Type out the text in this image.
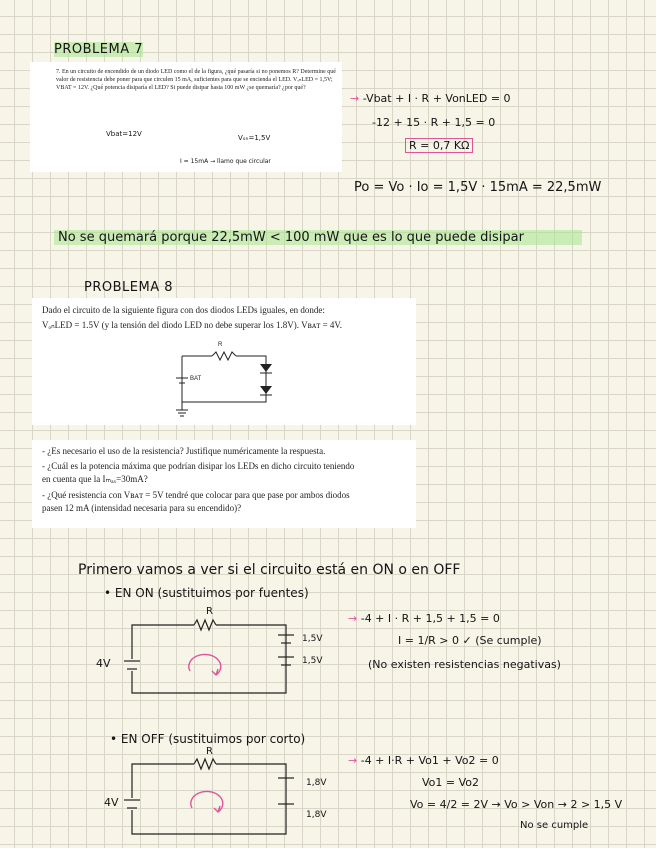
PROBLEMA 7
7. En un circuito de encendido de un diodo LED como el de la figura, ¿qué pasaría si no ponemos R? Determine qué valor de resistencia debe poner para que circulen 15 mA, suficientes para que se encienda el LED. VₒₙLED = 1,5V; VBAT = 12V. ¿Qué potencia disiparía el LED? Si puede disipar hasta 100 mW ¿se quemaría? ¿por qué?
Vbat=12V	Vₒₙ=1,5V
I = 15mA → llamo que circular
→ -Vbat + I · R + VonLED = 0
-12 + 15 · R + 1,5 = 0
R = 0,7 KΩ
Po = Vo · Io = 1,5V · 15mA = 22,5mW
No se quemará porque 22,5mW < 100 mW que es lo que puede disipar
PROBLEMA 8
Dado el circuito de la siguiente figura con dos diodos LEDs iguales, en donde:
VₒₙLED = 1.5V (y la tensión del diodo LED no debe superar los 1.8V). Vʙᴀᴛ = 4V.
R
BAT
- ¿Es necesario el uso de la resistencia? Justifique numéricamente la respuesta.
- ¿Cuál es la potencia máxima que podrían disipar los LEDs en dicho circuito teniendo
en cuenta que la Iₘₐₓ=30mA?
- ¿Qué resistencia con Vʙᴀᴛ = 5V tendré que colocar para que pase por ambos diodos
pasen 12 mA (intensidad necesaria para su encendido)?
Primero vamos a ver si el circuito está en ON o en OFF
• EN ON (sustituimos por fuentes)
4V
R
1,5V
1,5V
→ -4 + I · R + 1,5 + 1,5 = 0
I = 1/R > 0 ✓ (Se cumple)
(No existen resistencias negativas)
• EN OFF (sustituimos por corto)
4V
R
1,8V
1,8V
→ -4 + I·R + Vo1 + Vo2 = 0
Vo1 = Vo2
Vo = 4/2 = 2V → Vo > Von → 2 > 1,5 V
No se cumple
